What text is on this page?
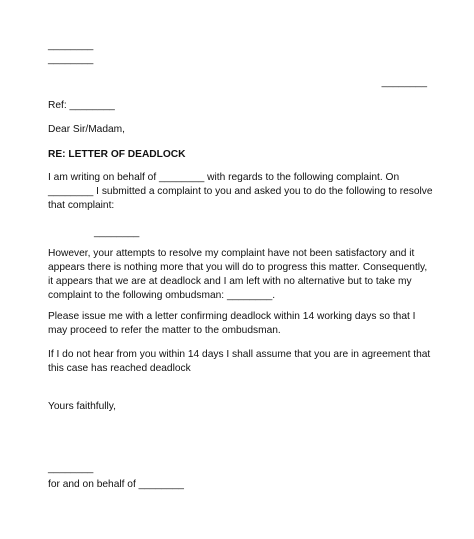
________
________
________
Ref: ________
Dear Sir/Madam,
RE: LETTER OF DEADLOCK
I am writing on behalf of ________ with regards to the following complaint. On
________ I submitted a complaint to you and asked you to do the following to resolve
that complaint:
________
However, your attempts to resolve my complaint have not been satisfactory and it
appears there is nothing more that you will do to progress this matter. Consequently,
it appears that we are at deadlock and I am left with no alternative but to take my
complaint to the following ombudsman: ________.
Please issue me with a letter confirming deadlock within 14 working days so that I
may proceed to refer the matter to the ombudsman.
If I do not hear from you within 14 days I shall assume that you are in agreement that
this case has reached deadlock
Yours faithfully,
________
for and on behalf of ________
